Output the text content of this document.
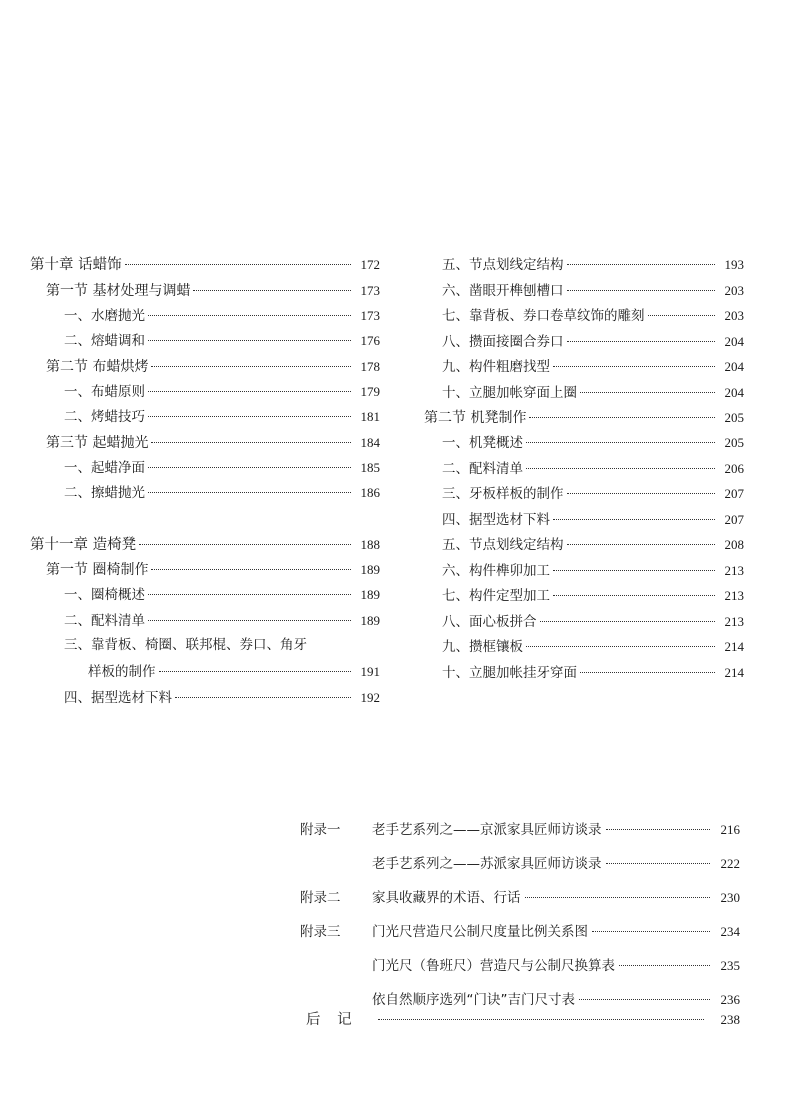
第十章 话蜡饰	172
第一节 基材处理与调蜡	173
一、水磨抛光	173
二、熔蜡调和	176
第二节 布蜡烘烤	178
一、布蜡原则	179
二、烤蜡技巧	181
第三节 起蜡抛光	184
一、起蜡净面	185
二、擦蜡抛光	186
第十一章 造椅凳	188
第一节 圈椅制作	189
一、圈椅概述	189
二、配料清单	189
三、靠背板、椅圈、联邦棍、券口、角牙
样板的制作	191
四、据型选材下料	192
五、节点划线定结构	193
六、凿眼开榫刨槽口	203
七、靠背板、券口卷草纹饰的雕刻	203
八、攒面接圈合券口	204
九、构件粗磨找型	204
十、立腿加帐穿面上圈	204
第二节 机凳制作	205
一、机凳概述	205
二、配料清单	206
三、牙板样板的制作	207
四、据型选材下料	207
五、节点划线定结构	208
六、构件榫卯加工	213
七、构件定型加工	213
八、面心板拼合	213
九、攒框镶板	214
十、立腿加帐挂牙穿面	214
附录一	老手艺系列之——京派家具匠师访谈录	216
老手艺系列之——苏派家具匠师访谈录	222
附录二	家具收藏界的术语、行话	230
附录三	门光尺营造尺公制尺度量比例关系图	234
门光尺（鲁班尺）营造尺与公制尺换算表	235
依自然顺序选列“门诀”吉门尺寸表	236
后 记	238
